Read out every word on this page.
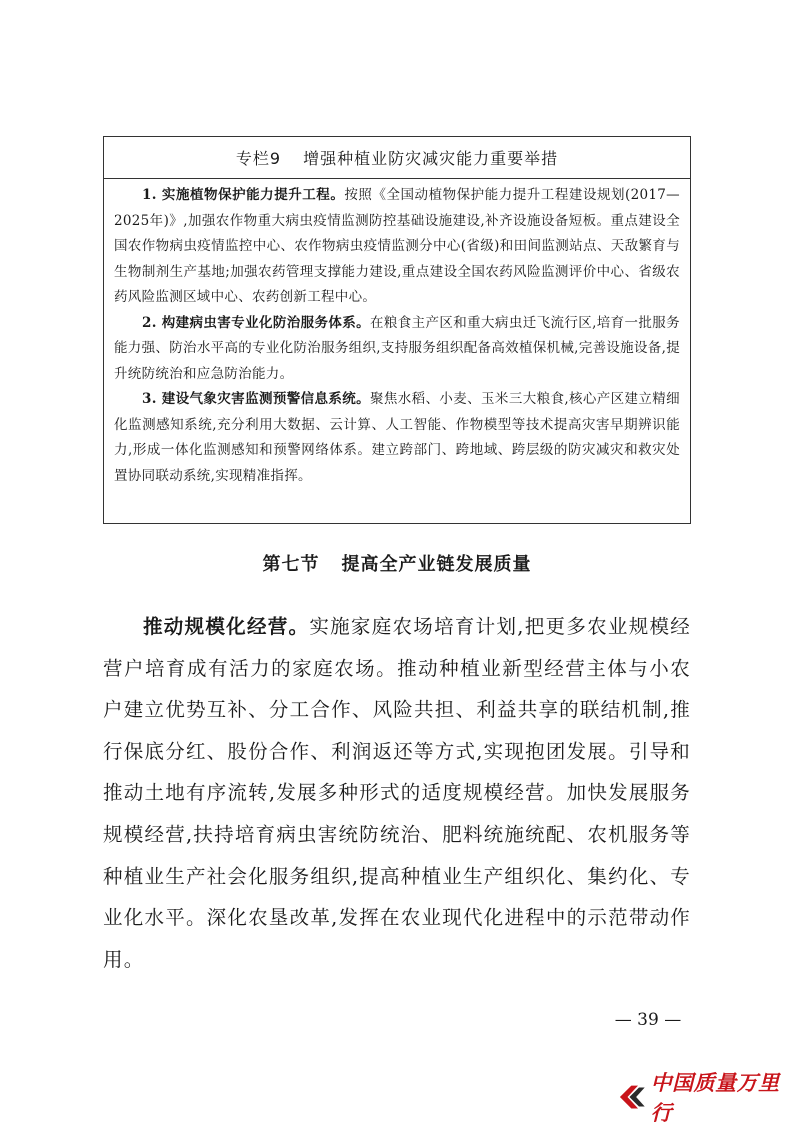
专栏9 增强种植业防灾减灾能力重要举措

1. 实施植物保护能力提升工程。按照《全国动植物保护能力提升工程建设规划(2017—2025年)》,加强农作物重大病虫疫情监测防控基础设施建设,补齐设施设备短板。重点建设全国农作物病虫疫情监控中心、农作物病虫疫情监测分中心(省级)和田间监测站点、天敌繁育与生物制剂生产基地;加强农药管理支撑能力建设,重点建设全国农药风险监测评价中心、省级农药风险监测区域中心、农药创新工程中心。

2. 构建病虫害专业化防治服务体系。在粮食主产区和重大病虫迁飞流行区,培育一批服务能力强、防治水平高的专业化防治服务组织,支持服务组织配备高效植保机械,完善设施设备,提升统防统治和应急防治能力。

3. 建设气象灾害监测预警信息系统。聚焦水稻、小麦、玉米三大粮食,核心产区建立精细化监测感知系统,充分利用大数据、云计算、人工智能、作物模型等技术提高灾害早期辨识能力,形成一体化监测感知和预警网络体系。建立跨部门、跨地域、跨层级的防灾减灾和救灾处置协同联动系统,实现精准指挥。

第七节 提高全产业链发展质量

推动规模化经营。实施家庭农场培育计划,把更多农业规模经营户培育成有活力的家庭农场。推动种植业新型经营主体与小农户建立优势互补、分工合作、风险共担、利益共享的联结机制,推行保底分红、股份合作、利润返还等方式,实现抱团发展。引导和推动土地有序流转,发展多种形式的适度规模经营。加快发展服务规模经营,扶持培育病虫害统防统治、肥料统施统配、农机服务等种植业生产社会化服务组织,提高种植业生产组织化、集约化、专业化水平。深化农垦改革,发挥在农业现代化进程中的示范带动作用。

— 39 —
中国质量万里行
